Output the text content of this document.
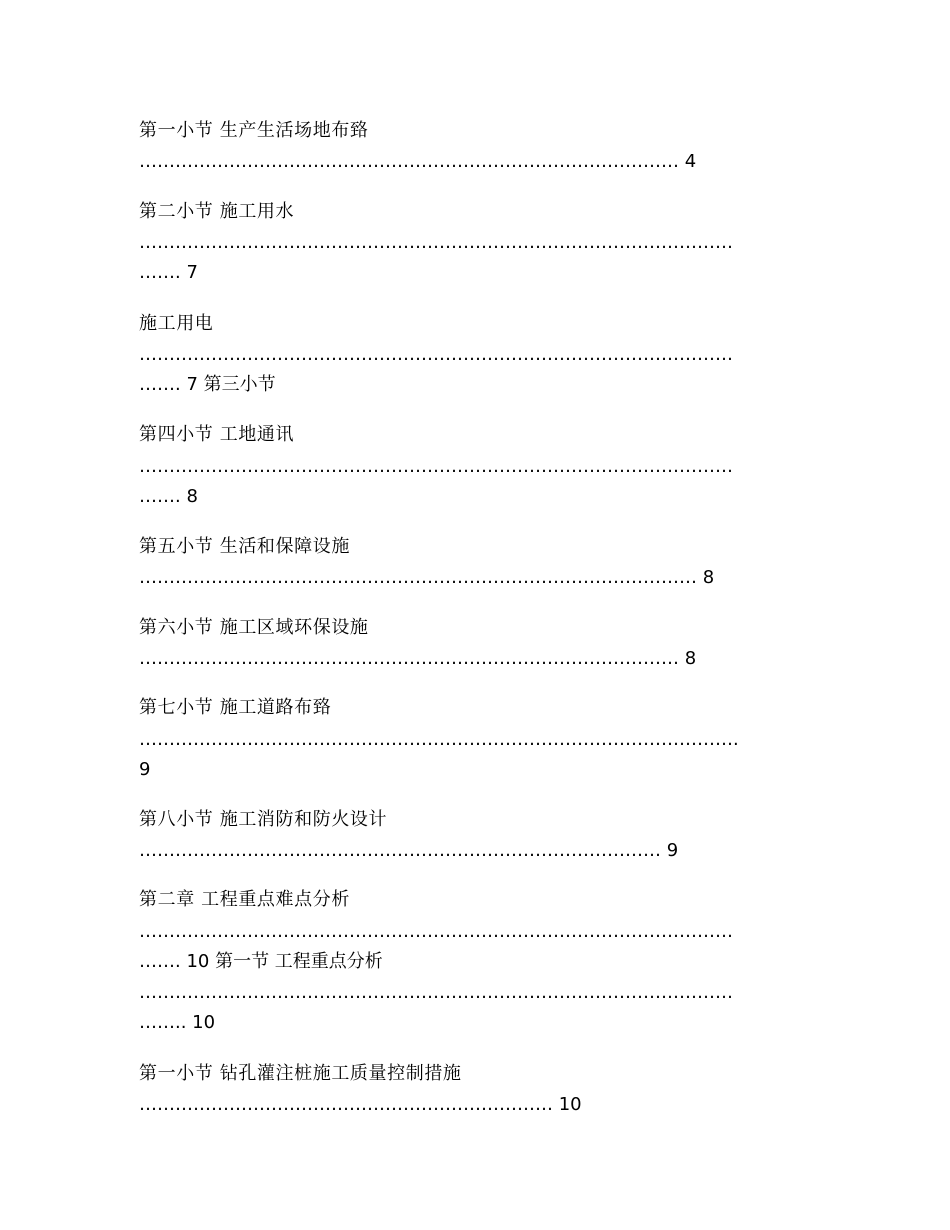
第一小节 生产生活场地布臵
……………………………………………………………………………… 4
第二小节 施工用水
………………………………………………………………………………………
……. 7
施工用电
………………………………………………………………………………………
……. 7 第三小节
第四小节 工地通讯
………………………………………………………………………………………
……. 8
第五小节 生活和保障设施
………………………………………………………………………………… 8
第六小节 施工区域环保设施
……………………………………………………………………………… 8
第七小节 施工道路布臵
……………………………………………………………………………………….
9
第八小节 施工消防和防火设计
…………………………………………………………………………… 9
第二章 工程重点难点分析
………………………………………………………………………………………
……. 10 第一节 工程重点分析
………………………………………………………………………………………
…….. 10
第一小节 钻孔灌注桩施工质量控制措施
…………………………………………………………… 10
